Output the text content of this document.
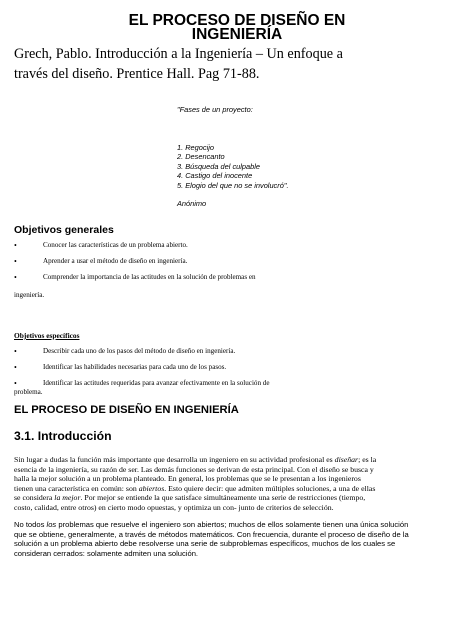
EL PROCESO DE DISEÑO EN
INGENIERÍA
Grech, Pablo. Introducción a la Ingeniería – Un enfoque a
través del diseño. Prentice Hall. Pag 71-88.
"Fases de un proyecto:
1. Regocijo
2. Desencanto
3. Búsqueda del culpable
4. Castigo del inocente
5. Elogio del que no se involucró".
Anónimo
Objetivos generales
•	Conocer las características de un problema abierto.
•	Aprender a usar el método de diseño en ingeniería.
•	Comprender la importancia de las actitudes en la solución de problemas en
ingeniería.
Objetivos específicos
•	Describir cada uno de los pasos del método de diseño en ingeniería.
•	Identificar las habilidades necesarias para cada uno de los pasos.
•	Identificar las actitudes requeridas para avanzar efectivamente en la solución de
problema.
EL PROCESO DE DISEÑO EN INGENIERÍA
3.1. Introducción
Sin lugar a dudas la función más importante que desarrolla un ingeniero en su actividad profesional es diseñar; es la
esencia de la ingeniería, su razón de ser. Las demás funciones se derivan de esta principal. Con el diseño se busca y
halla la mejor solución a un problema planteado. En general, los problemas que se le presentan a los ingenieros
tienen una característica en común: son abiertos. Esto quiere decir: que admiten múltiples soluciones, a una de ellas
se considera la mejor. Por mejor se entiende la que satisface simultáneamente una serie de restricciones (tiempo,
costo, calidad, entre otros) en cierto modo opuestas, y optimiza un con- junto de criterios de selección.
No todos los problemas que resuelve el ingeniero son abiertos; muchos de ellos solamente tienen una única solución
que se obtiene, generalmente, a través de métodos matemáticos. Con frecuencia, durante el proceso de diseño de la
solución a un problema abierto debe resolverse una serie de subproblemas específicos, muchos de los cuales se
consideran cerrados: solamente admiten una solución.
